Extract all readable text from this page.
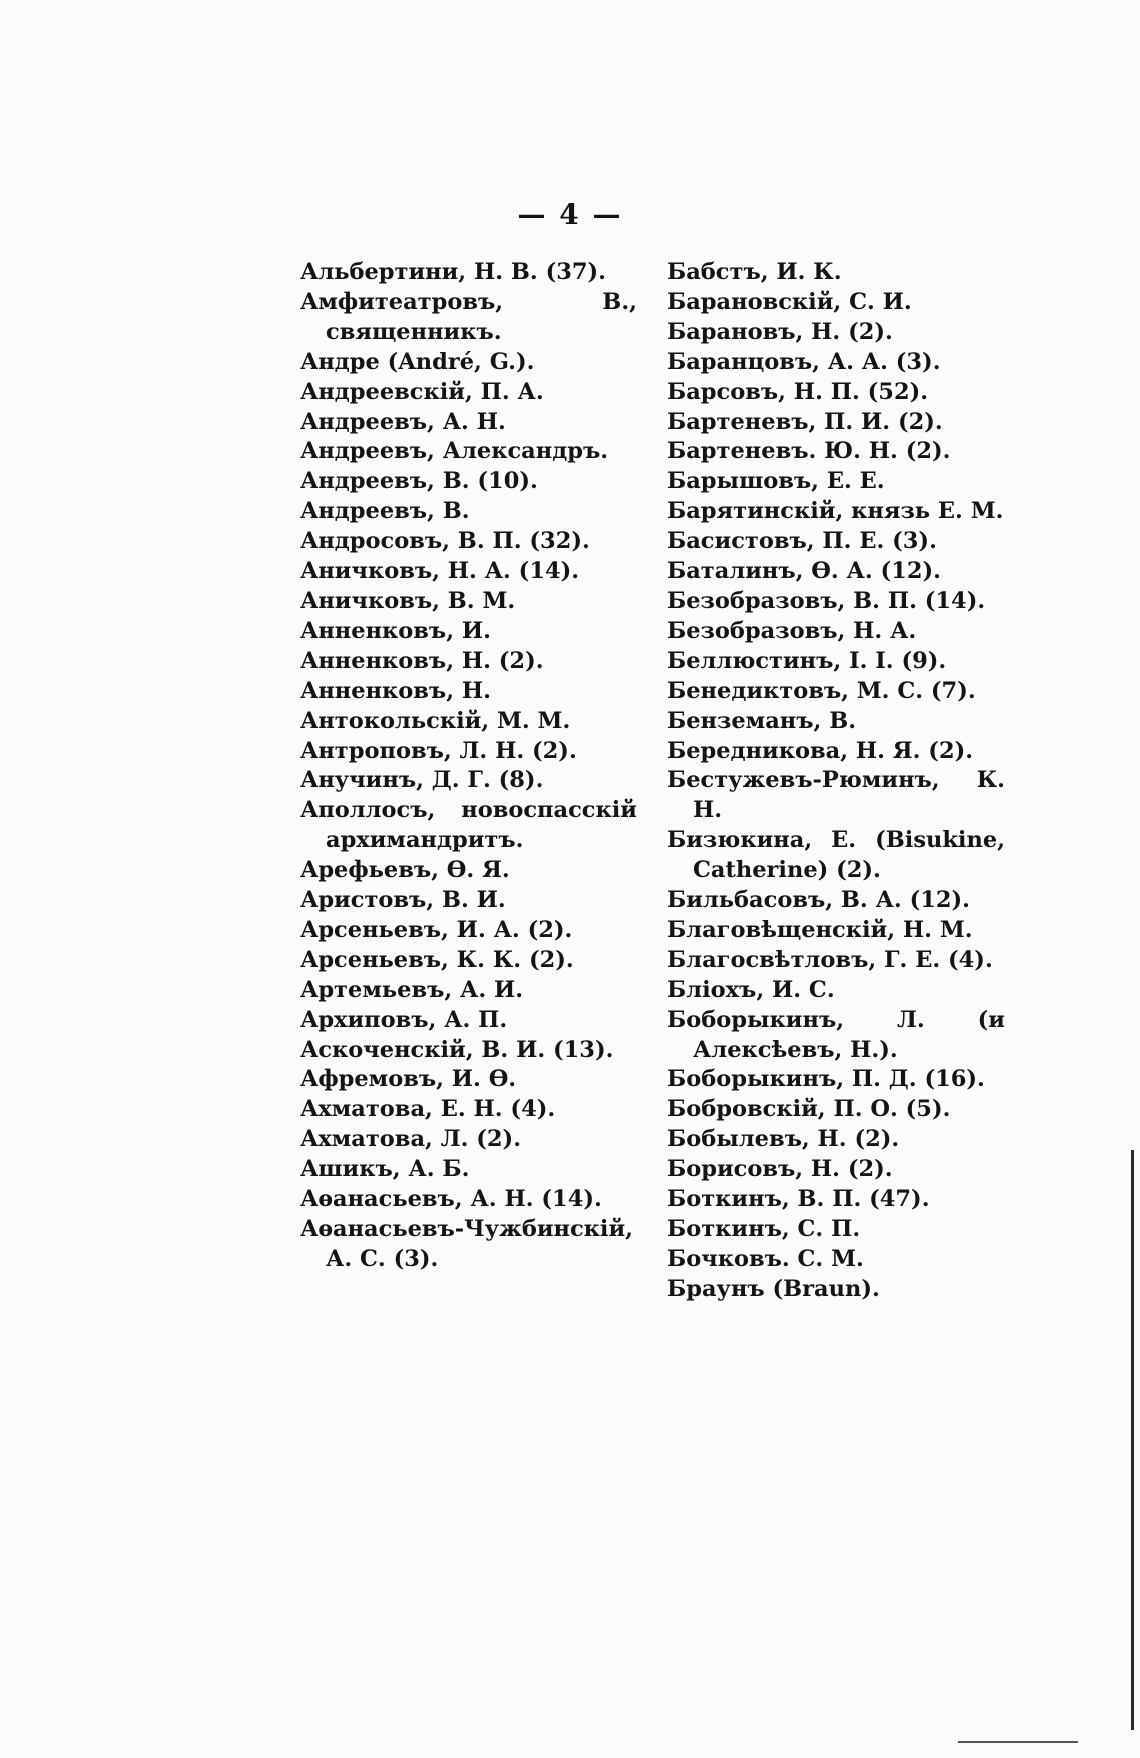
— 4 —
Альбертини, Н. В. (37).
Амфитеатровъ, В., священникъ.
Андре (André, G.).
Андреевскій, П. А.
Андреевъ, А. Н.
Андреевъ, Александръ.
Андреевъ, В. (10).
Андреевъ, В.
Андросовъ, В. П. (32).
Аничковъ, Н. А. (14).
Аничковъ, В. М.
Анненковъ, И.
Анненковъ, Н. (2).
Анненковъ, Н.
Антокольскій, М. М.
Антроповъ, Л. Н. (2).
Анучинъ, Д. Г. (8).
Аполлосъ, новоспасскій архимандритъ.
Арефьевъ, Ѳ. Я.
Аристовъ, В. И.
Арсеньевъ, И. А. (2).
Арсеньевъ, К. К. (2).
Артемьевъ, А. И.
Архиповъ, А. П.
Аскоченскій, В. И. (13).
Афремовъ, И. Ѳ.
Ахматова, Е. Н. (4).
Ахматова, Л. (2).
Ашикъ, А. Б.
Аѳанасьевъ, А. Н. (14).
Аѳанасьевъ-Чужбинскій, А. С. (3).
Бабстъ, И. К.
Барановскій, С. И.
Барановъ, Н. (2).
Баранцовъ, А. А. (3).
Барсовъ, Н. П. (52).
Бартеневъ, П. И. (2).
Бартеневъ. Ю. Н. (2).
Барышовъ, Е. Е.
Барятинскій, князь Е. М.
Басистовъ, П. Е. (3).
Баталинъ, Ѳ. А. (12).
Безобразовъ, В. П. (14).
Безобразовъ, Н. А.
Беллюстинъ, І. І. (9).
Бенедиктовъ, М. С. (7).
Бенземанъ, В.
Бередникова, Н. Я. (2).
Бестужевъ-Рюминъ, К. Н.
Бизюкина, Е. (Bisukine, Catherine) (2).
Бильбасовъ, В. А. (12).
Благовѣщенскій, Н. М.
Благосвѣтловъ, Г. Е. (4).
Бліохъ, И. С.
Боборыкинъ, Л. (и Алексѣевъ, Н.).
Боборыкинъ, П. Д. (16).
Бобровскій, П. О. (5).
Бобылевъ, Н. (2).
Борисовъ, Н. (2).
Боткинъ, В. П. (47).
Боткинъ, С. П.
Бочковъ. С. М.
Браунъ (Braun).
